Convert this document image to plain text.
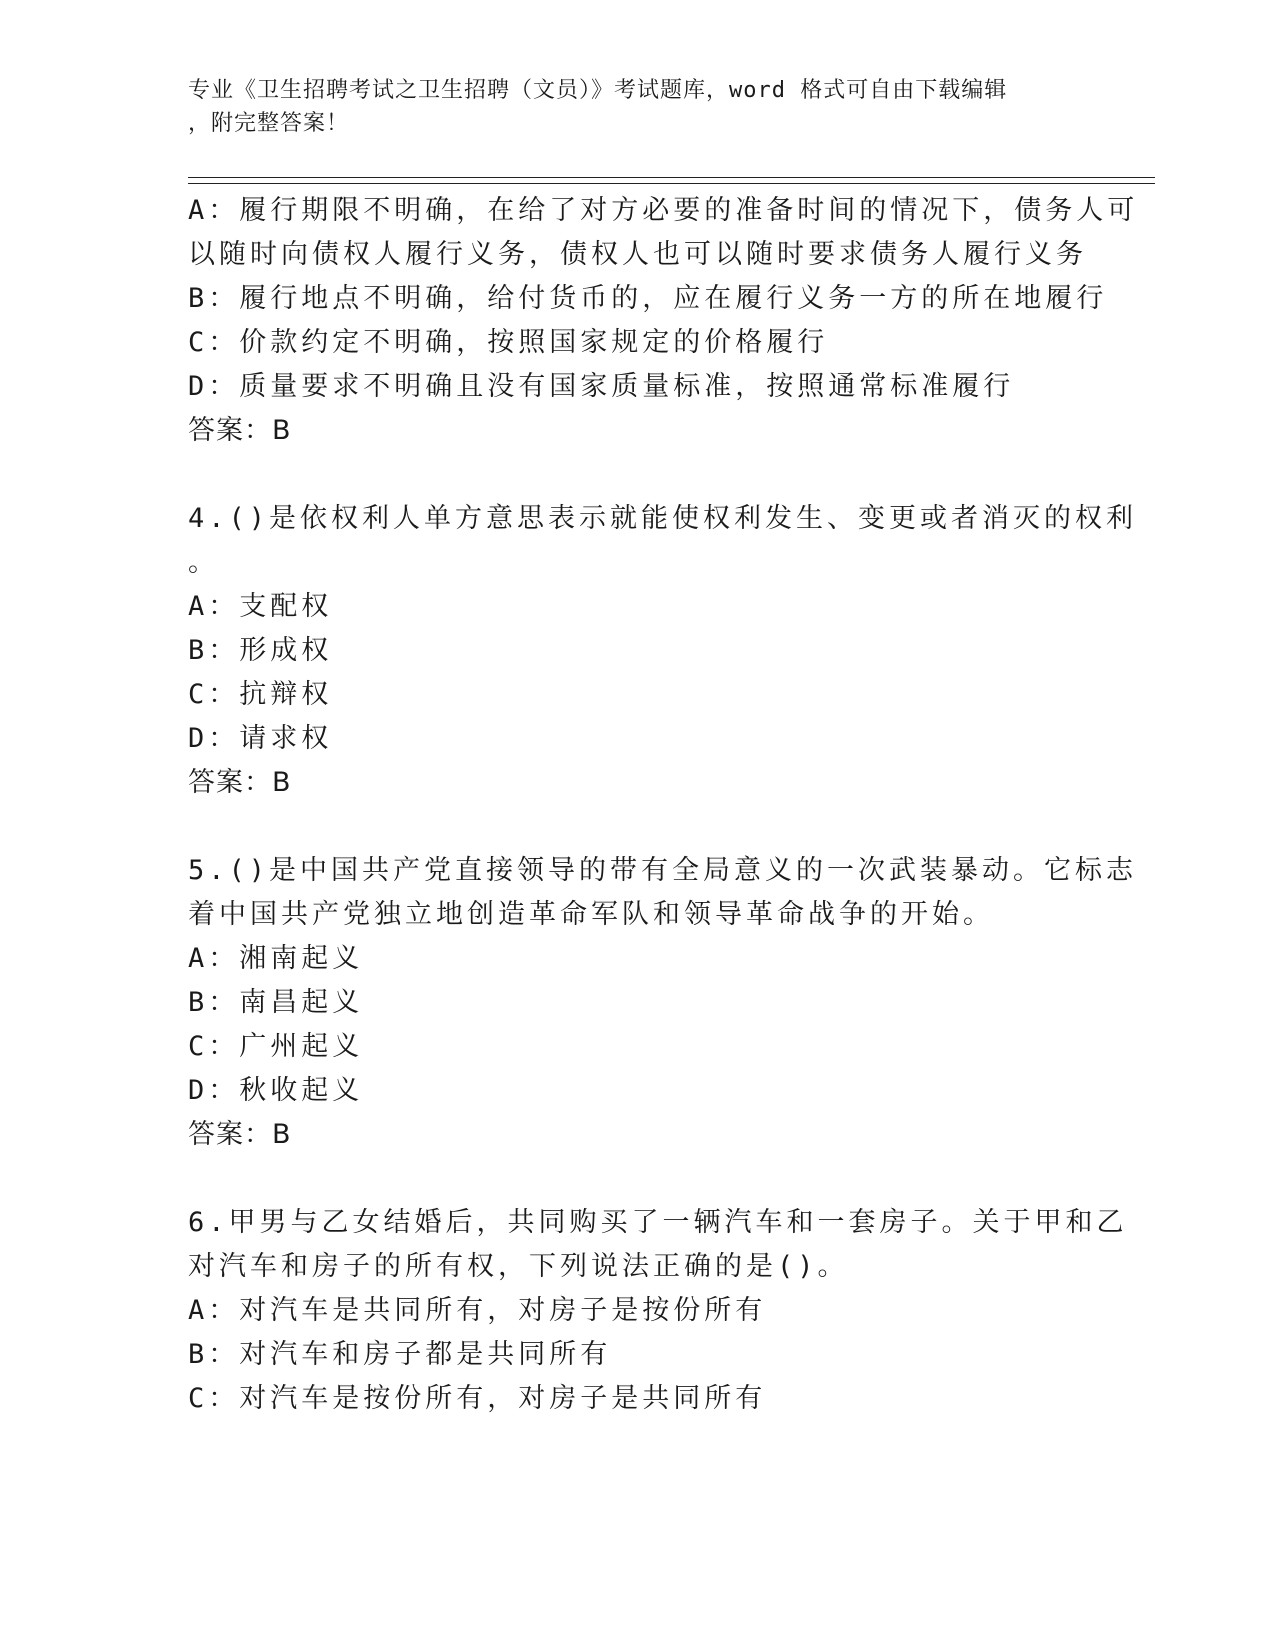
专业《卫生招聘考试之卫生招聘（文员）》考试题库，word 格式可自由下载编辑
，附完整答案！
A：履行期限不明确，在给了对方必要的准备时间的情况下，债务人可
以随时向债权人履行义务，债权人也可以随时要求债务人履行义务
B：履行地点不明确，给付货币的，应在履行义务一方的所在地履行
C：价款约定不明确，按照国家规定的价格履行
D：质量要求不明确且没有国家质量标准，按照通常标准履行
答案：B
4.()是依权利人单方意思表示就能使权利发生、变更或者消灭的权利
。
A：支配权
B：形成权
C：抗辩权
D：请求权
答案：B
5.()是中国共产党直接领导的带有全局意义的一次武装暴动。它标志
着中国共产党独立地创造革命军队和领导革命战争的开始。
A：湘南起义
B：南昌起义
C：广州起义
D：秋收起义
答案：B
6.甲男与乙女结婚后，共同购买了一辆汽车和一套房子。关于甲和乙
对汽车和房子的所有权，下列说法正确的是()。
A：对汽车是共同所有，对房子是按份所有
B：对汽车和房子都是共同所有
C：对汽车是按份所有，对房子是共同所有
